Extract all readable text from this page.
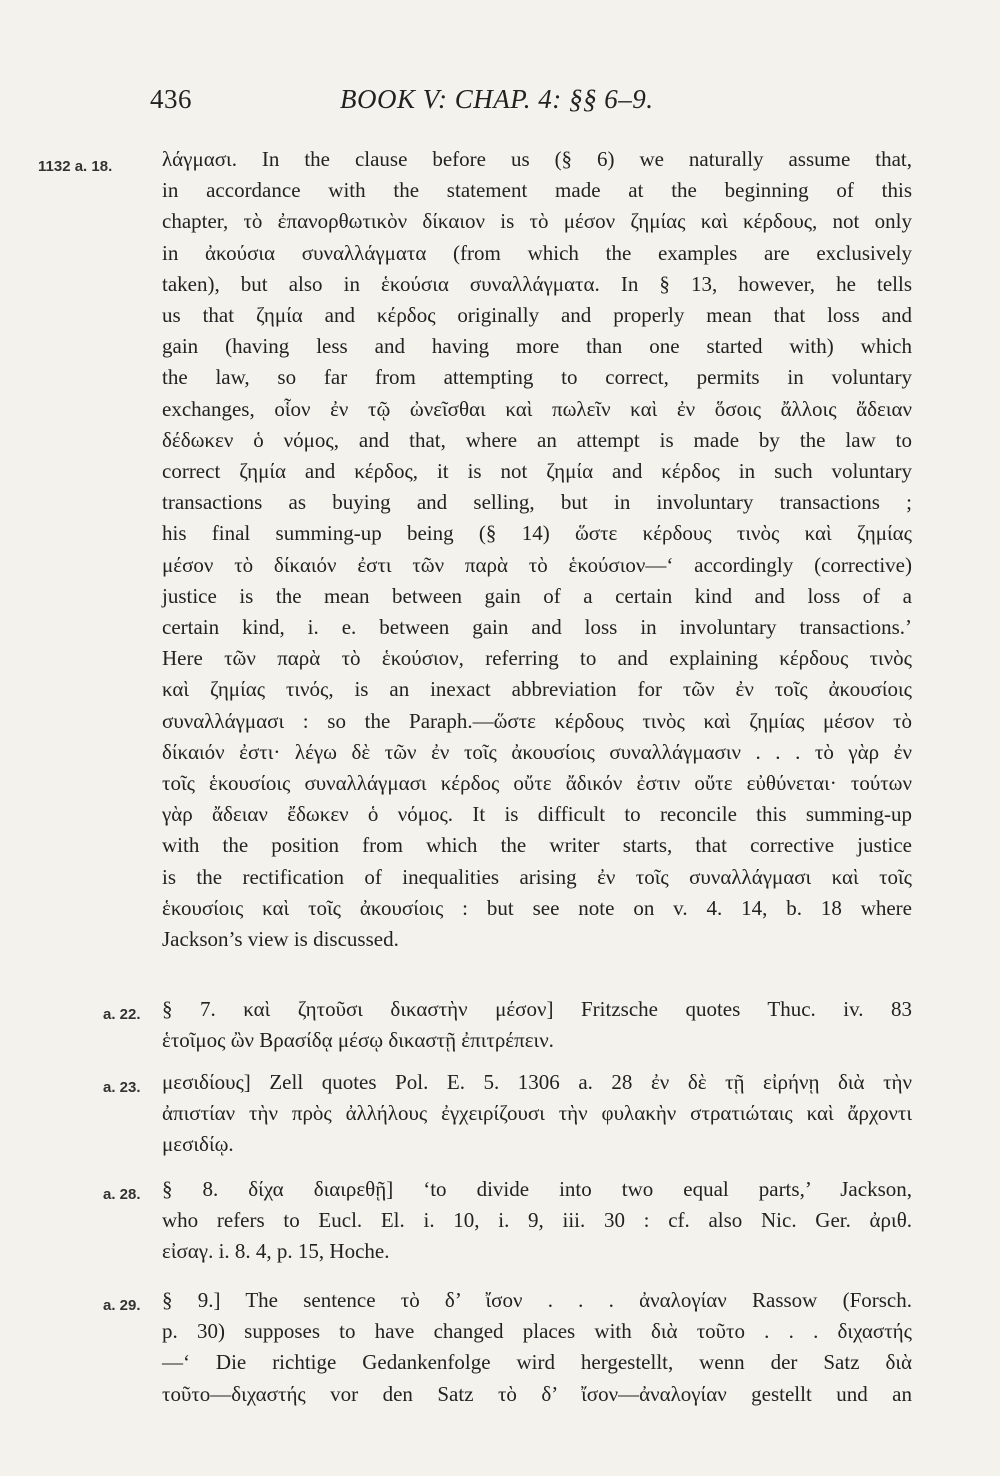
436	BOOK V: CHAP. 4: §§ 6–9.
1132 a. 18. λάγμασι. In the clause before us (§ 6) we naturally assume that,
in accordance with the statement made at the beginning of this
chapter, τὸ ἐπανορθωτικὸν δίκαιον is τὸ μέσον ζημίας καὶ κέρδους, not only
in ἀκούσια συναλλάγματα (from which the examples are exclusively
taken), but also in ἑκούσια συναλλάγματα. In § 13, however, he tells
us that ζημία and κέρδος originally and properly mean that loss and
gain (having less and having more than one started with) which
the law, so far from attempting to correct, permits in voluntary
exchanges, οἷον ἐν τῷ ὠνεῖσθαι καὶ πωλεῖν καὶ ἐν ὅσοις ἄλλοις ἄδειαν
δέδωκεν ὁ νόμος, and that, where an attempt is made by the law to
correct ζημία and κέρδος, it is not ζημία and κέρδος in such voluntary
transactions as buying and selling, but in involuntary transactions ;
his final summing-up being (§ 14) ὥστε κέρδους τινὸς καὶ ζημίας
μέσον τὸ δίκαιόν ἐστι τῶν παρὰ τὸ ἑκούσιον—‘ accordingly (corrective)
justice is the mean between gain of a certain kind and loss of a
certain kind, i. e. between gain and loss in involuntary transactions.’
Here τῶν παρὰ τὸ ἑκούσιον, referring to and explaining κέρδους τινὸς
καὶ ζημίας τινός, is an inexact abbreviation for τῶν ἐν τοῖς ἀκουσίοις
συναλλάγμασι : so the Paraph.—ὥστε κέρδους τινὸς καὶ ζημίας μέσον τὸ
δίκαιόν ἐστι· λέγω δὲ τῶν ἐν τοῖς ἀκουσίοις συναλλάγμασιν . . . τὸ γὰρ ἐν
τοῖς ἑκουσίοις συναλλάγμασι κέρδος οὔτε ἄδικόν ἐστιν οὔτε εὐθύνεται· τούτων
γὰρ ἄδειαν ἔδωκεν ὁ νόμος. It is difficult to reconcile this summing-up
with the position from which the writer starts, that corrective justice
is the rectification of inequalities arising ἐν τοῖς συναλλάγμασι καὶ τοῖς
ἑκουσίοις καὶ τοῖς ἀκουσίοις : but see note on v. 4. 14, b. 18 where
Jackson’s view is discussed.
a. 22. § 7. καὶ ζητοῦσι δικαστὴν μέσον] Fritzsche quotes Thuc. iv. 83
ἑτοῖμος ὢν Βρασίδᾳ μέσῳ δικαστῇ ἐπιτρέπειν.
a. 23. μεσιδίους] Zell quotes Pol. E. 5. 1306 a. 28 ἐν δὲ τῇ εἰρήνῃ διὰ τὴν
ἀπιστίαν τὴν πρὸς ἀλλήλους ἐγχειρίζουσι τὴν φυλακὴν στρατιώταις καὶ ἄρχοντι
μεσιδίῳ.
a. 28. § 8. δίχα διαιρεθῇ] ‘to divide into two equal parts,’ Jackson,
who refers to Eucl. El. i. 10, i. 9, iii. 30 : cf. also Nic. Ger. ἀριθ.
εἰσαγ. i. 8. 4, p. 15, Hoche.
a. 29. § 9.] The sentence τὸ δ’ ἴσον . . . ἀναλογίαν Rassow (Forsch.
p. 30) supposes to have changed places with διὰ τοῦτο . . . διχαστής
—‘ Die richtige Gedankenfolge wird hergestellt, wenn der Satz διὰ
τοῦτο—διχαστής vor den Satz τὸ δ’ ἴσον—ἀναλογίαν gestellt und an
